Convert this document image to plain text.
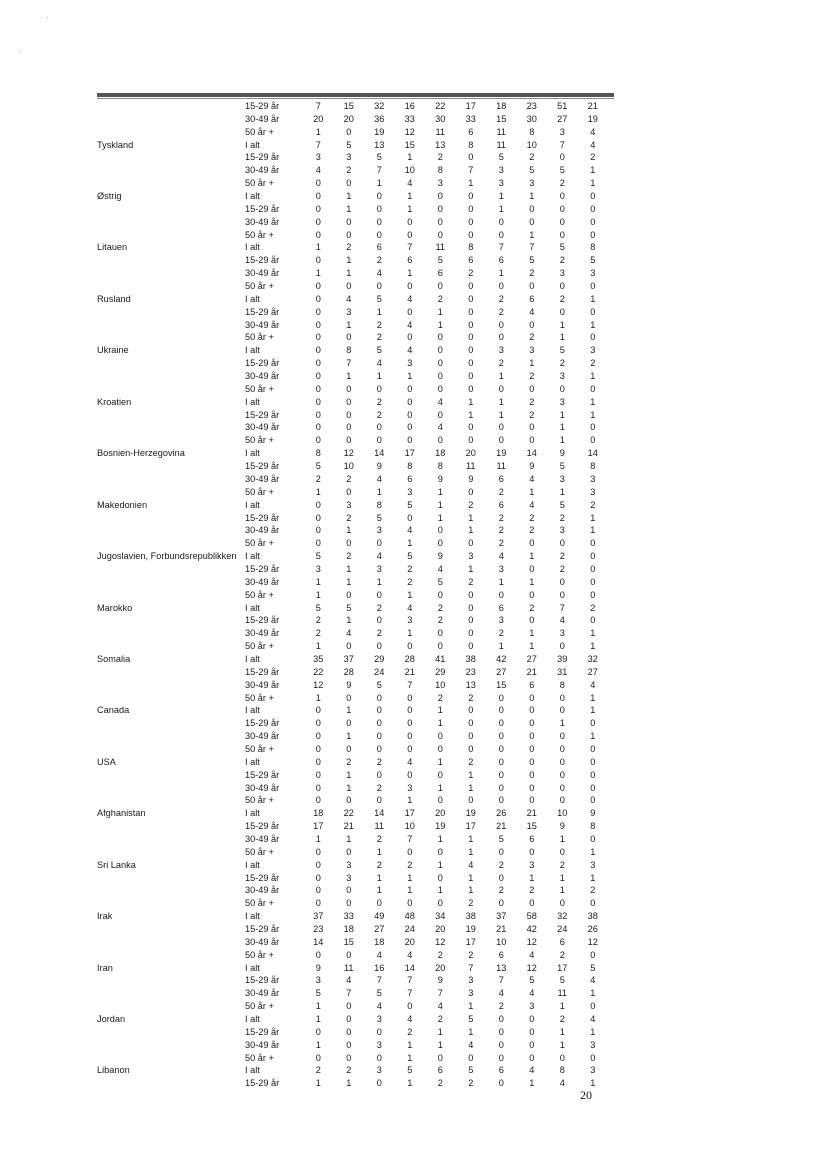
15-29 år	7	15	32	16	22	17	18	23	51	21
30-49 år	20	20	36	33	30	33	15	30	27	19
50 år +	1	0	19	12	11	6	11	8	3	4
Tyskland	I alt	7	5	13	15	13	8	11	10	7	4
15-29 år	3	3	5	1	2	0	5	2	0	2
30-49 år	4	2	7	10	8	7	3	5	5	1
50 år +	0	0	1	4	3	1	3	3	2	1
Østrig	I alt	0	1	0	1	0	0	1	1	0	0
15-29 år	0	1	0	1	0	0	1	0	0	0
30-49 år	0	0	0	0	0	0	0	0	0	0
50 år +	0	0	0	0	0	0	0	1	0	0
Litauen	I alt	1	2	6	7	11	8	7	7	5	8
15-29 år	0	1	2	6	5	6	6	5	2	5
30-49 år	1	1	4	1	6	2	1	2	3	3
50 år +	0	0	0	0	0	0	0	0	0	0
Rusland	I alt	0	4	5	4	2	0	2	6	2	1
15-29 år	0	3	1	0	1	0	2	4	0	0
30-49 år	0	1	2	4	1	0	0	0	1	1
50 år +	0	0	2	0	0	0	0	2	1	0
Ukraine	I alt	0	8	5	4	0	0	3	3	5	3
15-29 år	0	7	4	3	0	0	2	1	2	2
30-49 år	0	1	1	1	0	0	1	2	3	1
50 år +	0	0	0	0	0	0	0	0	0	0
Kroatien	I alt	0	0	2	0	4	1	1	2	3	1
15-29 år	0	0	2	0	0	1	1	2	1	1
30-49 år	0	0	0	0	4	0	0	0	1	0
50 år +	0	0	0	0	0	0	0	0	1	0
Bosnien-Herzegovina	I alt	8	12	14	17	18	20	19	14	9	14
15-29 år	5	10	9	8	8	11	11	9	5	8
30-49 år	2	2	4	6	9	9	6	4	3	3
50 år +	1	0	1	3	1	0	2	1	1	3
Makedonien	I alt	0	3	8	5	1	2	6	4	5	2
15-29 år	0	2	5	0	1	1	2	2	2	1
30-49 år	0	1	3	4	0	1	2	2	3	1
50 år +	0	0	0	1	0	0	2	0	0	0
Jugoslavien, Forbundsrepublikken I alt	5	2	4	5	9	3	4	1	2	0
15-29 år	3	1	3	2	4	1	3	0	2	0
30-49 år	1	1	1	2	5	2	1	1	0	0
50 år +	1	0	0	1	0	0	0	0	0	0
Marokko	I alt	5	5	2	4	2	0	6	2	7	2
15-29 år	2	1	0	3	2	0	3	0	4	0
30-49 år	2	4	2	1	0	0	2	1	3	1
50 år +	1	0	0	0	0	0	1	1	0	1
Somalia	I alt	35	37	29	28	41	38	42	27	39	32
15-29 år	22	28	24	21	29	23	27	21	31	27
30-49 år	12	9	5	7	10	13	15	6	8	4
50 år +	1	0	0	0	2	2	0	0	0	1
Canada	I alt	0	1	0	0	1	0	0	0	0	1
15-29 år	0	0	0	0	1	0	0	0	1	0
30-49 år	0	1	0	0	0	0	0	0	0	1
50 år +	0	0	0	0	0	0	0	0	0	0
USA	I alt	0	2	2	4	1	2	0	0	0	0
15-29 år	0	1	0	0	0	1	0	0	0	0
30-49 år	0	1	2	3	1	1	0	0	0	0
50 år +	0	0	0	1	0	0	0	0	0	0
Afghanistan	I alt	18	22	14	17	20	19	26	21	10	9
15-29 år	17	21	11	10	19	17	21	15	9	8
30-49 år	1	1	2	7	1	1	5	6	1	0
50 år +	0	0	1	0	0	1	0	0	0	1
Sri Lanka	I alt	0	3	2	2	1	4	2	3	2	3
15-29 år	0	3	1	1	0	1	0	1	1	1
30-49 år	0	0	1	1	1	1	2	2	1	2
50 år +	0	0	0	0	0	2	0	0	0	0
Irak	I alt	37	33	49	48	34	38	37	58	32	38
15-29 år	23	18	27	24	20	19	21	42	24	26
30-49 år	14	15	18	20	12	17	10	12	6	12
50 år +	0	0	4	4	2	2	6	4	2	0
Iran	I alt	9	11	16	14	20	7	13	12	17	5
15-29 år	3	4	7	7	9	3	7	5	5	4
30-49 år	5	7	5	7	7	3	4	4	11	1
50 år +	1	0	4	0	4	1	2	3	1	0
Jordan	I alt	1	0	3	4	2	5	0	0	2	4
15-29 år	0	0	0	2	1	1	0	0	1	1
30-49 år	1	0	3	1	1	4	0	0	1	3
50 år +	0	0	0	1	0	0	0	0	0	0
Libanon	I alt	2	2	3	5	6	5	6	4	8	3
15-29 år	1	1	0	1	2	2	0	1	4	1
20
